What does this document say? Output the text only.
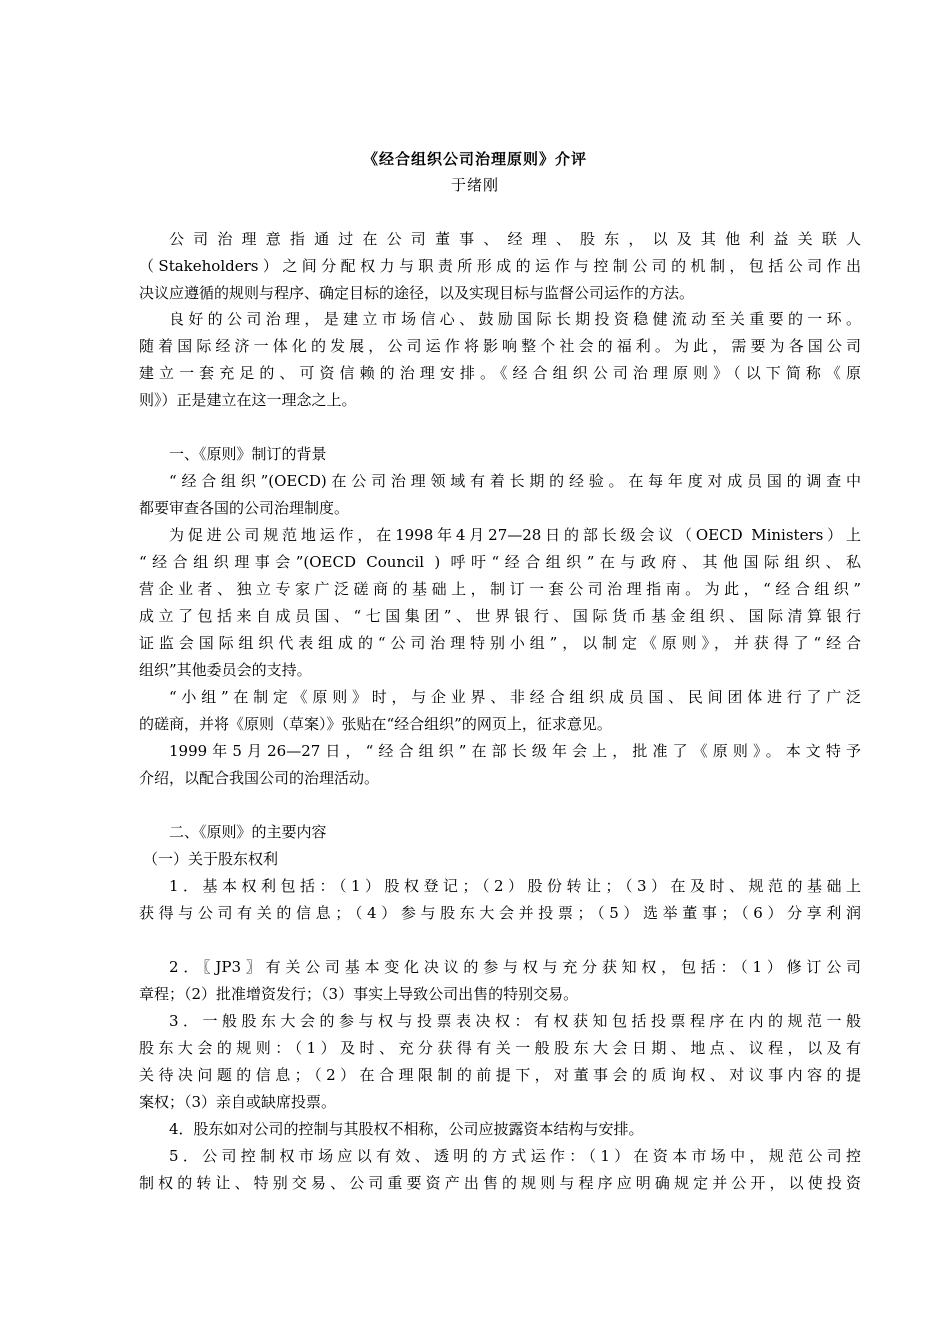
《经合组织公司治理原则》介评
于绪刚
公 司 治 理 意 指 通 过 在 公 司 董 事 、 经 理 、 股 东 ， 以 及 其 他 利 益 关 联 人
（Stakeholders）之间分配权力与职责所形成的运作与控制公司的机制，包括公司作出
决议应遵循的规则与程序、确定目标的途径，以及实现目标与监督公司运作的方法。
良好的公司治理，是建立市场信心、鼓励国际长期投资稳健流动至关重要的一环。
随着国际经济一体化的发展，公司运作将影响整个社会的福利。为此，需要为各国公司
建立一套充足的、可资信赖的治理安排。《经合组织公司治理原则》（以下简称《原
则》）正是建立在这一理念之上。
一、《原则》制订的背景
“经合组织”(OECD)在公司治理领域有着长期的经验。在每年度对成员国的调查中
都要审查各国的公司治理制度。
为促进公司规范地运作，在1998年4月27—28日的部长级会议（OECD Ministers）上
“经合组织理事会”(OECD Council ) 呼吁“经合组织”在与政府、其他国际组织、私
营企业者、独立专家广泛磋商的基础上，制订一套公司治理指南。为此，“经合组织”
成立了包括来自成员国、“七国集团”、世界银行、国际货币基金组织、国际清算银行
证监会国际组织代表组成的“公司治理特别小组”，以制定《原则》，并获得了“经合
组织”其他委员会的支持。
“小组”在制定《原则》时，与企业界、非经合组织成员国、民间团体进行了广泛
的磋商，并将《原则（草案）》张贴在“经合组织”的网页上，征求意见。
1999年5月26—27日，“经合组织”在部长级年会上，批准了《原则》。本文特予
介绍，以配合我国公司的治理活动。
二、《原则》的主要内容
（一）关于股东权利
1．基本权利包括：（1）股权登记；（2）股份转让；（3）在及时、规范的基础上
获得与公司有关的信息；（4）参与股东大会并投票；（5）选举董事；（6）分享利润
2．〖JP3〗有关公司基本变化决议的参与权与充分获知权，包括：（1）修订公司
章程；（2）批准增资发行；（3）事实上导致公司出售的特别交易。
3．一般股东大会的参与权与投票表决权：有权获知包括投票程序在内的规范一般
股东大会的规则：（1）及时、充分获得有关一般股东大会日期、地点、议程，以及有
关待决问题的信息；（2）在合理限制的前提下，对董事会的质询权、对议事内容的提
案权；（3）亲自或缺席投票。
4．股东如对公司的控制与其股权不相称，公司应披露资本结构与安排。
5．公司控制权市场应以有效、透明的方式运作：（1）在资本市场中，规范公司控
制权的转让、特别交易、公司重要资产出售的规则与程序应明确规定并公开，以使投资
